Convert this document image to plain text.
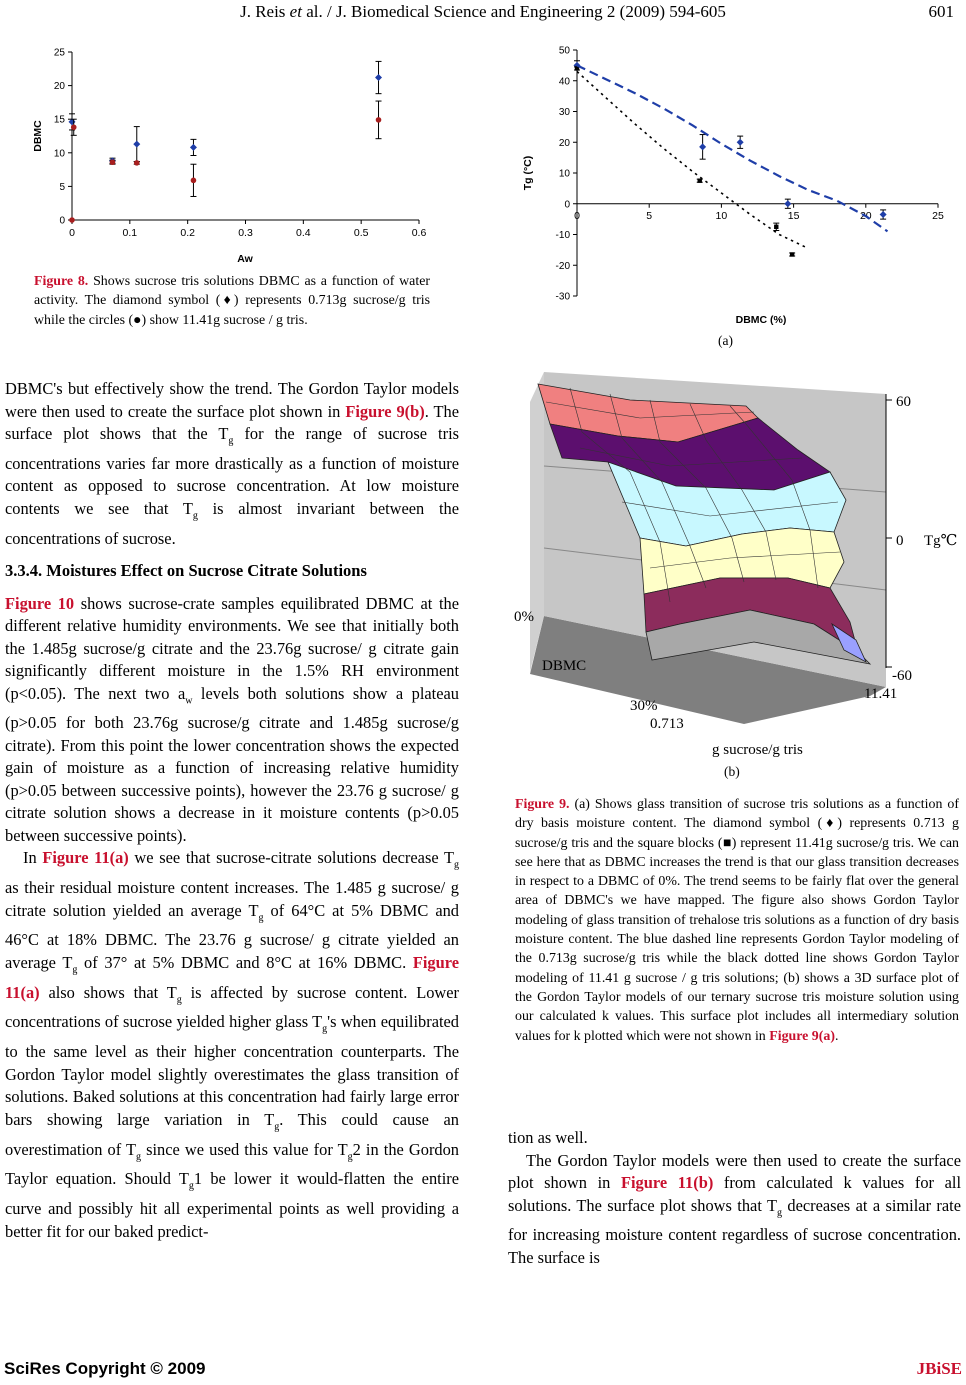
J. Reis et al. / J. Biomedical Science and Engineering 2 (2009) 594-605	601
0
5
10
15
20
25
0	0.1	0.2	0.3	0.4	0.5	0.6
Aw
DBMC
Figure 8. Shows sucrose tris solutions DBMC as a function of water activity. The diamond symbol (♦) represents 0.713g sucrose/g tris while the circles (●) show 11.41g sucrose / g tris.
-30
-20
-10
0
10
20
30
40
50
0	5	10	15	20	25
DBMC (%)
Tg (°C)
(a)
60
0
-60
Tg℃
0%
DBMC
30%
0.713
11.41
g sucrose/g tris
(b)
Figure 9. (a) Shows glass transition of sucrose tris solutions as a function of dry basis moisture content. The diamond symbol (♦) represents 0.713 g sucrose/g tris and the square blocks (■) represent 11.41g sucrose/g tris. We can see here that as DBMC increases the trend is that our glass transition decreases in respect to a DBMC of 0%. The trend seems to be fairly flat over the general area of DBMC's we have mapped. The figure also shows Gordon Taylor modeling of glass transition of trehalose tris solutions as a function of dry basis moisture content. The blue dashed line represents Gordon Taylor modeling of the 0.713g sucrose/g tris while the black dotted line shows Gordon Taylor modeling of 11.41 g sucrose / g tris solutions; (b) shows a 3D surface plot of the Gordon Taylor models of our ternary sucrose tris moisture solution using our calculated k values. This surface plot includes all intermediary solution values for k plotted which were not shown in Figure 9(a).

DBMC's but effectively show the trend. The Gordon Taylor models were then used to create the surface plot shown in Figure 9(b). The surface plot shows that the $T_g$ for the range of sucrose tris concentrations varies far more drastically as a function of moisture content as opposed to sucrose concentration. At low moisture contents we see that $T_g$ is almost invariant between the concentrations of sucrose.

3.3.4. Moistures Effect on Sucrose Citrate Solutions

Figure 10 shows sucrose-crate samples equilibrated DBMC at the different relative humidity environments. We see that initially both the 1.485g sucrose/g citrate and the 23.76g sucrose/ g citrate gain significantly different moisture in the 1.5% RH environment (p<0.05). The next two $a_w$ levels both solutions show a plateau (p>0.05 for both 23.76g sucrose/g citrate and 1.485g sucrose/g citrate). From this point the lower concentration shows the expected gain of moisture as a function of increasing relative humidity (p>0.05 between successive points), however the 23.76 g sucrose/ g citrate solution shows a decrease in it moisture contents (p>0.05 between successive points).

In Figure 11(a) we see that sucrose-citrate solutions decrease $T_g$ as their residual moisture content increases. The 1.485 g sucrose/ g citrate solution yielded an average $T_g$ of 64°C at 5% DBMC and 46°C at 18% DBMC. The 23.76 g sucrose/ g citrate yielded an average $T_g$ of 37° at 5% DBMC and 8°C at 16% DBMC. Figure 11(a) also shows that $T_g$ is affected by sucrose content. Lower concentrations of sucrose yielded higher glass $T_g's$ when equilibrated to the same level as their higher concentration counterparts. The Gordon Taylor model slightly overestimates the glass transition of solutions. Baked solutions at this concentration had fairly large error bars showing large variation in $T_g$. This could cause an overestimation of $T_g$ since we used this value for $T_g2$ in the Gordon Taylor equation. Should $T_g1$ be lower it would-flatten the entire curve and possibly hit all experimental points as well providing a better fit for our baked predict-

tion as well.

The Gordon Taylor models were then used to create the surface plot shown in Figure 11(b) from calculated k values for all solutions. The surface plot shows that $T_g$ decreases at a similar rate for increasing moisture content regardless of sucrose concentration. The surface is

SciRes Copyright © 2009	JBiSE
